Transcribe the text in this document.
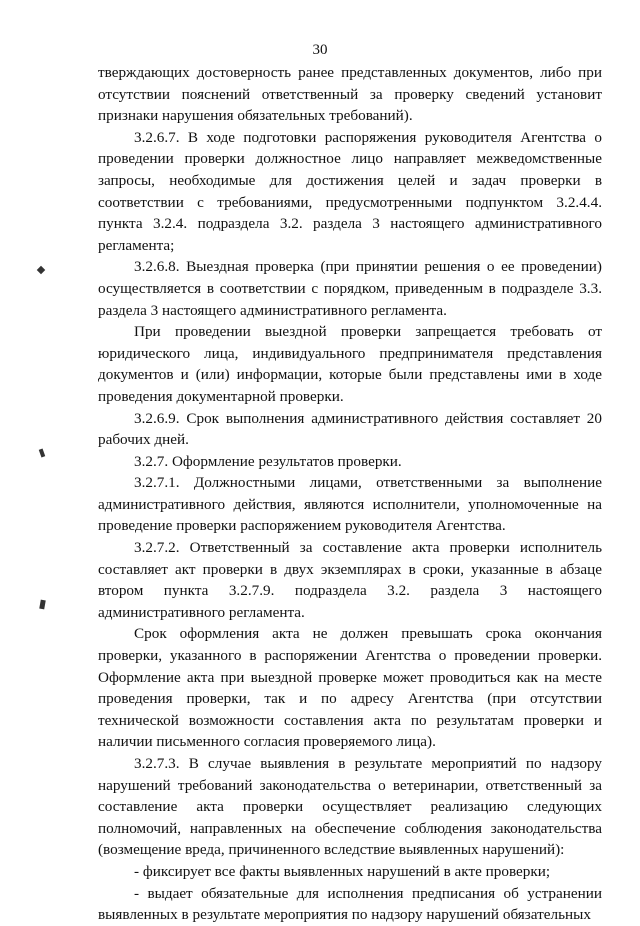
30

тверждающих достоверность ранее представленных документов, либо при отсутствии пояснений ответственный за проверку сведений установит признаки нарушения обязательных требований).

3.2.6.7. В ходе подготовки распоряжения руководителя Агентства о проведении проверки должностное лицо направляет межведомственные запросы, необходимые для достижения целей и задач проверки в соответствии с требованиями, предусмотренными подпунктом 3.2.4.4. пункта 3.2.4. подраздела 3.2. раздела 3 настоящего административного регламента;

3.2.6.8. Выездная проверка (при принятии решения о ее проведении) осуществляется в соответствии с порядком, приведенным в подразделе 3.3. раздела 3 настоящего административного регламента.

При проведении выездной проверки запрещается требовать от юридического лица, индивидуального предпринимателя представления документов и (или) информации, которые были представлены ими в ходе проведения документарной проверки.

3.2.6.9. Срок выполнения административного действия составляет 20 рабочих дней.

3.2.7. Оформление результатов проверки.

3.2.7.1. Должностными лицами, ответственными за выполнение административного действия, являются исполнители, уполномоченные на проведение проверки распоряжением руководителя Агентства.

3.2.7.2. Ответственный за составление акта проверки исполнитель составляет акт проверки в двух экземплярах в сроки, указанные в абзаце втором пункта 3.2.7.9. подраздела 3.2. раздела 3 настоящего административного регламента.

Срок оформления акта не должен превышать срока окончания проверки, указанного в распоряжении Агентства о проведении проверки. Оформление акта при выездной проверке может проводиться как на месте проведения проверки, так и по адресу Агентства (при отсутствии технической возможности составления акта по результатам проверки и наличии письменного согласия проверяемого лица).

3.2.7.3. В случае выявления в результате мероприятий по надзору нарушений требований законодательства о ветеринарии, ответственный за составление акта проверки осуществляет реализацию следующих полномочий, направленных на обеспечение соблюдения законодательства (возмещение вреда, причиненного вследствие выявленных нарушений):

- фиксирует все факты выявленных нарушений в акте проверки;

- выдает обязательные для исполнения предписания об устранении выявленных в результате мероприятия по надзору нарушений обязательных
